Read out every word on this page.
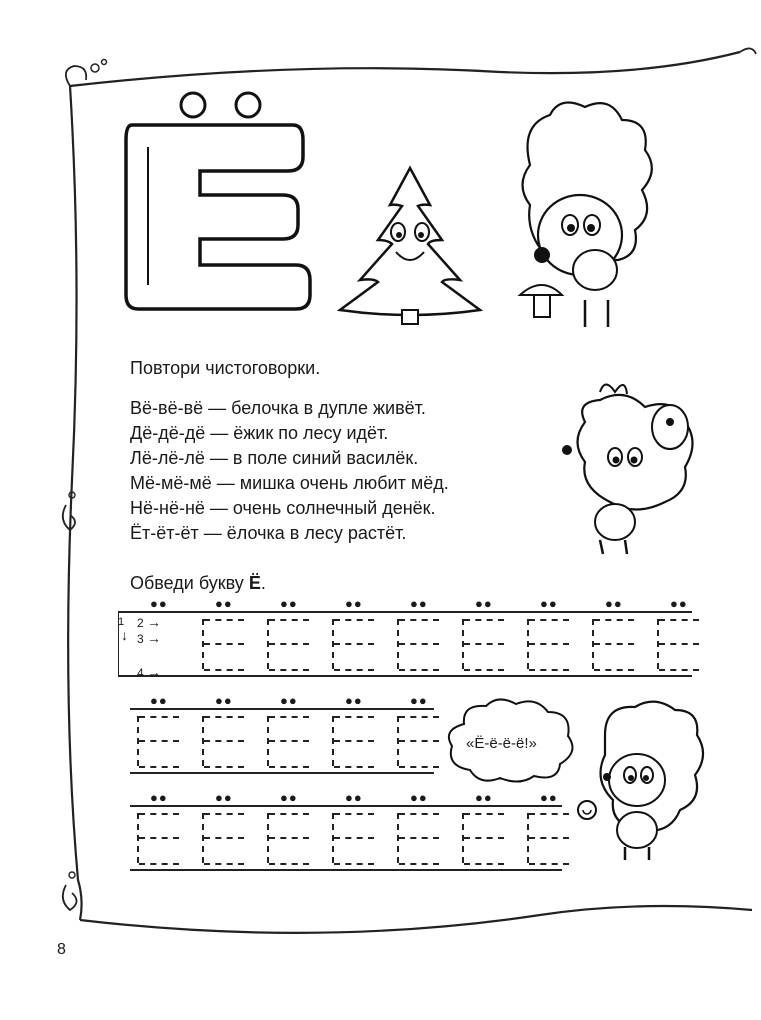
Повтори чистоговорки.
Вё-вё-вё — белочка в дупле живёт.
Дё-дё-дё — ёжик по лесу идёт.
Лё-лё-лё — в поле синий василёк.
Мё-мё-мё — мишка очень любит мёд.
Нё-нё-нё — очень солнечный денёк.
Ёт-ёт-ёт — ёлочка в лесу растёт.
Обведи букву Ё.
1
↓
2 →
3 →
4 →
●●	●●	●●	●●	●●	●●	●●	●●	●●
●●	●●	●●	●●	●●
«Ё-ё-ё-ё!»
●●	●●	●●	●●	●●	●●	●●
8
